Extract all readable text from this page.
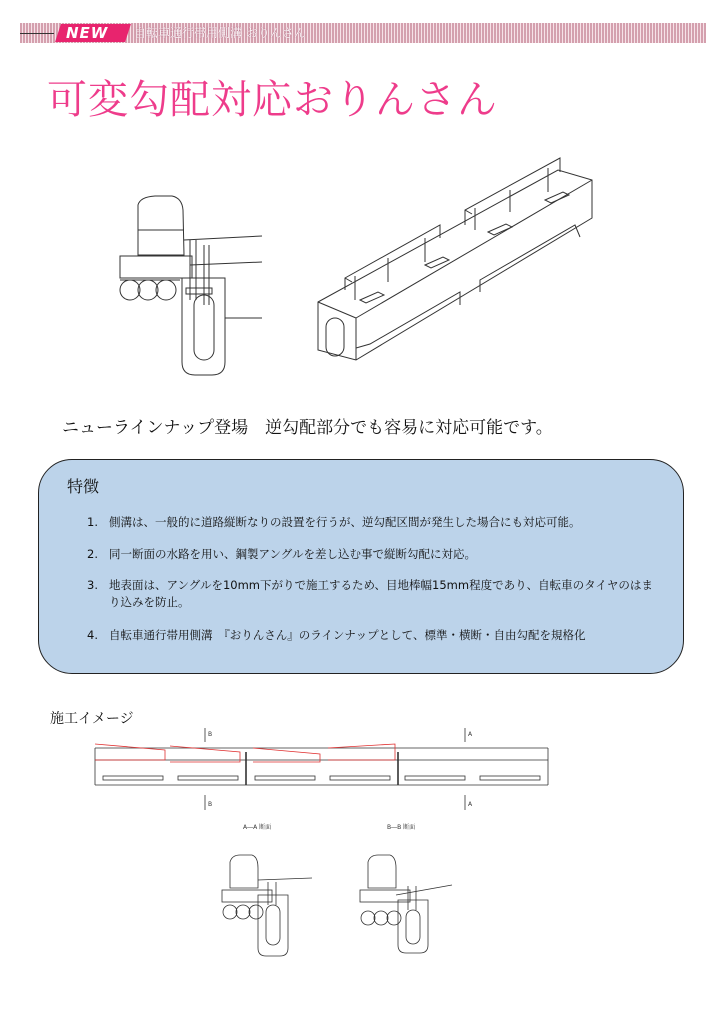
NEW 自転車通行帯用側溝 おりんさん
可変勾配対応おりんさん
A―A 断面	B―B 断面
B	A
B	A
ニューラインナップ登場　逆勾配部分でも容易に対応可能です。
特徴
1. 側溝は、一般的に道路縦断なりの設置を行うが、逆勾配区間が発生した場合にも対応可能。
2. 同一断面の水路を用い、鋼製アングルを差し込む事で縦断勾配に対応。
3. 地表面は、アングルを10mm下がりで施工するため、目地棒幅15mm程度であり、自転車のタイヤのはまり込みを防止。
4. 自転車通行帯用側溝　『おりんさん』のラインナップとして、標準・横断・自由勾配を規格化
施工イメージ
